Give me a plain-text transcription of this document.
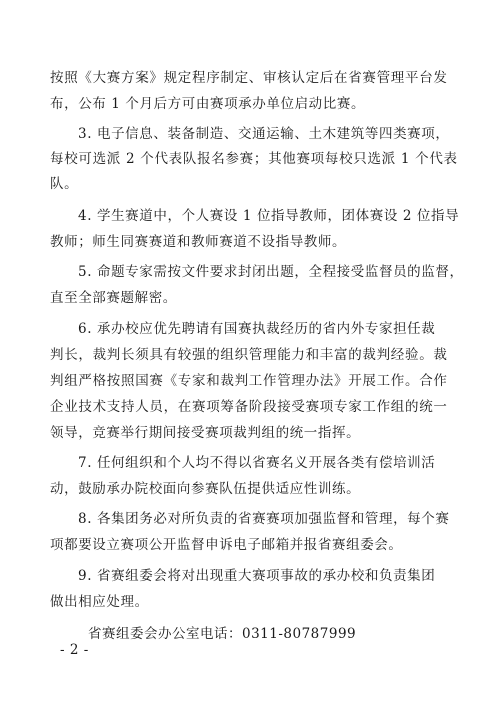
按照《大赛方案》规定程序制定、审核认定后在省赛管理平台发
布，公布 1 个月后方可由赛项承办单位启动比赛。
3. 电子信息、装备制造、交通运输、土木建筑等四类赛项，
每校可选派 2 个代表队报名参赛；其他赛项每校只选派 1 个代表
队。
4. 学生赛道中，个人赛设 1 位指导教师，团体赛设 2 位指导
教师；师生同赛赛道和教师赛道不设指导教师。
5. 命题专家需按文件要求封闭出题，全程接受监督员的监督，
直至全部赛题解密。
6. 承办校应优先聘请有国赛执裁经历的省内外专家担任裁
判长，裁判长须具有较强的组织管理能力和丰富的裁判经验。裁
判组严格按照国赛《专家和裁判工作管理办法》开展工作。合作
企业技术支持人员，在赛项筹备阶段接受赛项专家工作组的统一
领导，竞赛举行期间接受赛项裁判组的统一指挥。
7. 任何组织和个人均不得以省赛名义开展各类有偿培训活
动，鼓励承办院校面向参赛队伍提供适应性训练。
8. 各集团务必对所负责的省赛赛项加强监督和管理，每个赛
项都要设立赛项公开监督申诉电子邮箱并报省赛组委会。
9. 省赛组委会将对出现重大赛项事故的承办校和负责集团
做出相应处理。
省赛组委会办公室电话：0311-80787999
- 2 -
